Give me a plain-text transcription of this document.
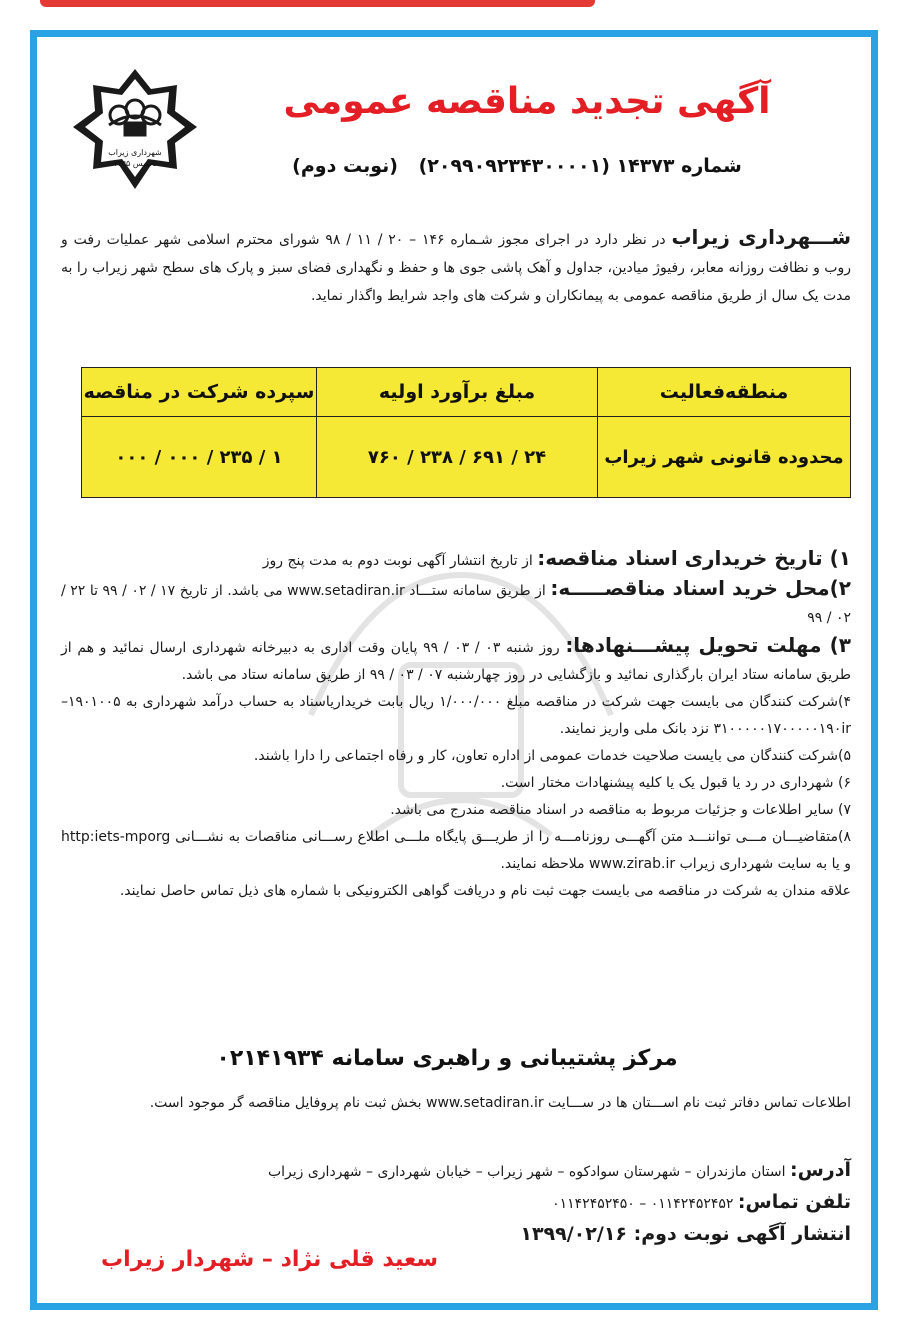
شهرداری زیراب
تاسیس ۱۳۴۵
آگهی تجدید مناقصه عمومی
شماره ۱۴۳۷۳ (۲۰۹۹۰۹۲۳۴۳۰۰۰۰۱) (نوبت دوم)
شـــهرداری زیراب در نظر دارد در اجرای مجوز شـماره ۱۴۶ – ۲۰ / ۱۱ / ۹۸ شورای محترم اسلامی شهر عملیات رفت و روب و نظافت روزانه معابر، رفیوژ میادین، جداول و آهک پاشی جوی ها و حفظ و نگهداری فضای سبز و پارک های سطح شهر زیراب را به مدت یک سال از طریق مناقصه عمومی به پیمانکاران و شرکت های واجد شرایط واگذار نماید.
منطقه‌فعالیت	مبلغ برآورد اولیه	سپرده شرکت در مناقصه
محدوده قانونی شهر زیراب	۲۴ / ۶۹۱ / ۲۳۸ / ۷۶۰	۱ / ۲۳۵ / ۰۰۰ / ۰۰۰

۱) تاریخ خریداری اسناد مناقصه: از تاریخ انتشار آگهی نوبت دوم به مدت پنج روز

۲)محل خرید اسناد مناقصـــــه: از طریق سامانه ستـــاد www.setadiran.ir می باشد. از تاریخ ۱۷ / ۰۲ / ۹۹ تا ۲۲ / ۰۲ / ۹۹

۳) مهلت تحویل پیشـــنهادها: روز شنبه ۰۳ / ۰۳ / ۹۹ پایان وقت اداری به دبیرخانه شهرداری ارسال نمائید و هم از طریق سامانه ستاد ایران بارگذاری نمائید و بازگشایی در روز چهارشنبه ۰۷ / ۰۳ / ۹۹ از طریق سامانه ستاد می باشد.

۴)شرکت کنندگان می بایست جهت شرکت در مناقصه مبلغ ۱/۰۰۰/۰۰۰ ریال بابت خریداریاسناد به حساب درآمد شهرداری به ۱۹۰۱۰۰۵–۳۱۰۰۰۰۰۱۷۰۰۰۰۰۱۹۰ir نزد بانک ملی واریز نمایند.

۵)شرکت کنندگان می بایست صلاحیت خدمات عمومی از اداره تعاون، کار و رفاه اجتماعی را دارا باشند.

۶) شهرداری در رد یا قبول یک یا کلیه پیشنهادات مختار است.

۷) سایر اطلاعات و جزئیات مربوط به مناقصه در اسناد مناقصه مندرج می باشد.

۸)متقاضیـــان مـــی تواننـــد متن آگهـــی روزنامـــه را از طریـــق پایگاه ملـــی اطلاع رســـانی مناقصات به نشـــانی http:iets-mporg و یا به سایت شهرداری زیراب www.zirab.ir ملاحظه نمایند.

علاقه مندان به شرکت در مناقصه می بایست جهت ثبت نام و دریافت گواهی الکترونیکی با شماره های ذیل تماس حاصل نمایند.

مرکز پشتیبانی و راهبری سامانه ۰۲۱۴۱۹۳۴
اطلاعات تماس دفاتر ثبت نام اســـتان ها در ســـایت www.setadiran.ir بخش ثبت نام پروفایل مناقصه گر موجود است.
آدرس: استان مازندران – شهرستان سوادکوه – شهر زیراب – خیابان شهرداری – شهرداری زیراب
تلفن تماس: ۰۱۱۴۲۴۵۲۴۵۲ – ۰۱۱۴۲۴۵۲۴۵۰
انتشار آگهی نوبت دوم: ۱۳۹۹/۰۲/۱۶
سعید قلی نژاد – شهردار زیراب
